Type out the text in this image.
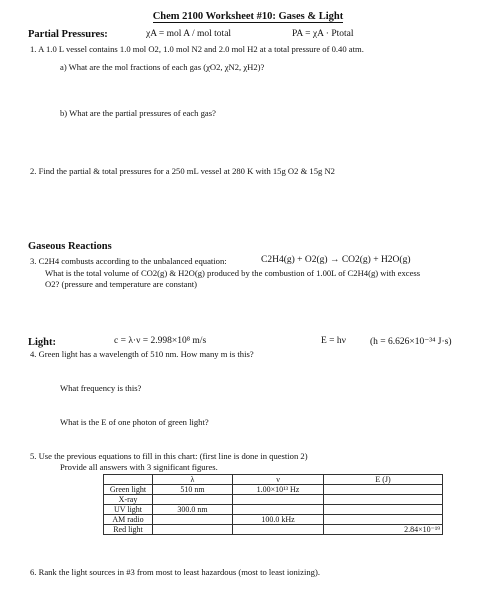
Chem 2100 Worksheet #10: Gases & Light
Partial Pressures:	χA = mol A / mol total	PA = χA · Ptotal
1. A 1.0 L vessel contains 1.0 mol O2, 1.0 mol N2 and 2.0 mol H2 at a total pressure of 0.40 atm.
a) What are the mol fractions of each gas (χO2, χN2, χH2)?
b) What are the partial pressures of each gas?
2. Find the partial & total pressures for a 250 mL vessel at 280 K with 15g O2 & 15g N2
Gaseous Reactions
3. C2H4 combusts according to the unbalanced equation:	C2H4(g) + O2(g) → CO2(g) + H2O(g)
What is the total volume of CO2(g) & H2O(g) produced by the combustion of 1.00L of C2H4(g) with excess
O2? (pressure and temperature are constant)
Light:	c = λ·ν = 2.998×10⁸ m/s	E = hν	(h = 6.626×10⁻³⁴ J·s)
4. Green light has a wavelength of 510 nm. How many m is this?
What frequency is this?
What is the E of one photon of green light?
5. Use the previous equations to fill in this chart: (first line is done in question 2)
Provide all answers with 3 significant figures.
	λ	ν	E (J)
Green light	510 nm	1.00×10¹³ Hz	
X-ray			
UV light	300.0 nm		
AM radio		100.0 kHz	
Red light			2.84×10⁻¹⁹
6. Rank the light sources in #3 from most to least hazardous (most to least ionizing).
